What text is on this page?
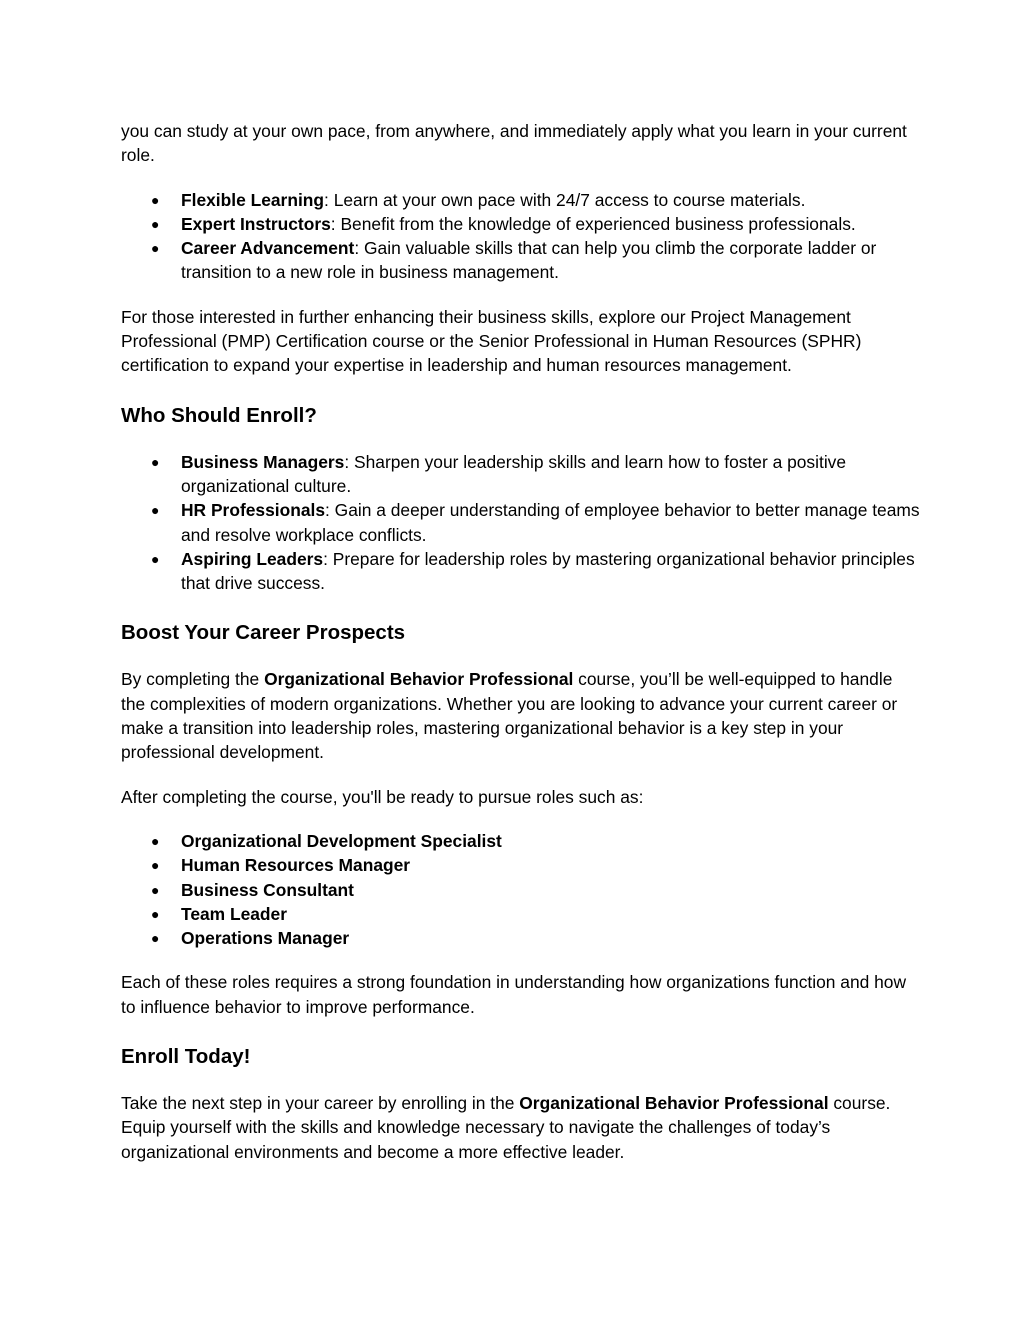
you can study at your own pace, from anywhere, and immediately apply what you learn in your current role.

● Flexible Learning: Learn at your own pace with 24/7 access to course materials.
● Expert Instructors: Benefit from the knowledge of experienced business professionals.
● Career Advancement: Gain valuable skills that can help you climb the corporate ladder or transition to a new role in business management.

For those interested in further enhancing their business skills, explore our Project Management Professional (PMP) Certification course or the Senior Professional in Human Resources (SPHR) certification to expand your expertise in leadership and human resources management.

Who Should Enroll?
● Business Managers: Sharpen your leadership skills and learn how to foster a positive organizational culture.
● HR Professionals: Gain a deeper understanding of employee behavior to better manage teams and resolve workplace conflicts.
● Aspiring Leaders: Prepare for leadership roles by mastering organizational behavior principles that drive success.
Boost Your Career Prospects

By completing the Organizational Behavior Professional course, you’ll be well-equipped to handle the complexities of modern organizations. Whether you are looking to advance your current career or make a transition into leadership roles, mastering organizational behavior is a key step in your professional development.

After completing the course, you'll be ready to pursue roles such as:

● Organizational Development Specialist
● Human Resources Manager
● Business Consultant
● Team Leader
● Operations Manager

Each of these roles requires a strong foundation in understanding how organizations function and how to influence behavior to improve performance.

Enroll Today!

Take the next step in your career by enrolling in the Organizational Behavior Professional course. Equip yourself with the skills and knowledge necessary to navigate the challenges of today’s organizational environments and become a more effective leader.
